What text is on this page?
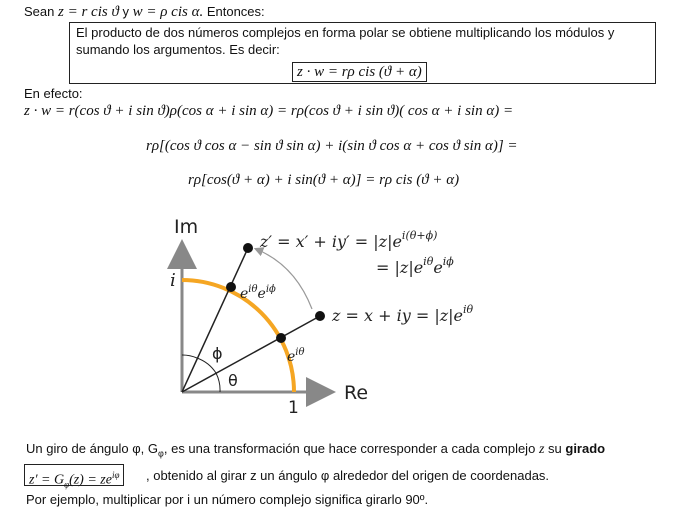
Sean z = r cis ϑ y w = ρ cis α. Entonces:
El producto de dos números complejos en forma polar se obtiene multiplicando los módulos y
sumando los argumentos. Es decir:
z · w = rρ cis (ϑ + α)
En efecto:
z · w = r(cos ϑ + i sin ϑ)ρ(cos α + i sin α) = rρ(cos ϑ + i sin ϑ)( cos α + i sin α) =
rρ[(cos ϑ cos α − sin ϑ sin α) + i(sin ϑ cos α + cos ϑ sin α)] =
rρ[cos(ϑ + α) + i sin(ϑ + α)] = rρ cis (ϑ + α)
Im
Re
i
1
ϕ
θ
$e^{i\theta}$
$e^{i\theta}e^{i\phi}$
$z' = x' + iy' = |z|e^{i(\theta+\phi)}$
= $|z|e^{i\theta}e^{i\phi}$
z = x + iy = $|z|e^{i\theta}$
Un giro de ángulo φ, $G_\varphi$, es una transformación que hace corresponder a cada complejo z su girado
$z' = G_\varphi(z) = ze^{i\varphi}$	, obtenido al girar z un ángulo φ alrededor del origen de coordenadas.
Por ejemplo, multiplicar por i un número complejo significa girarlo 90º.
